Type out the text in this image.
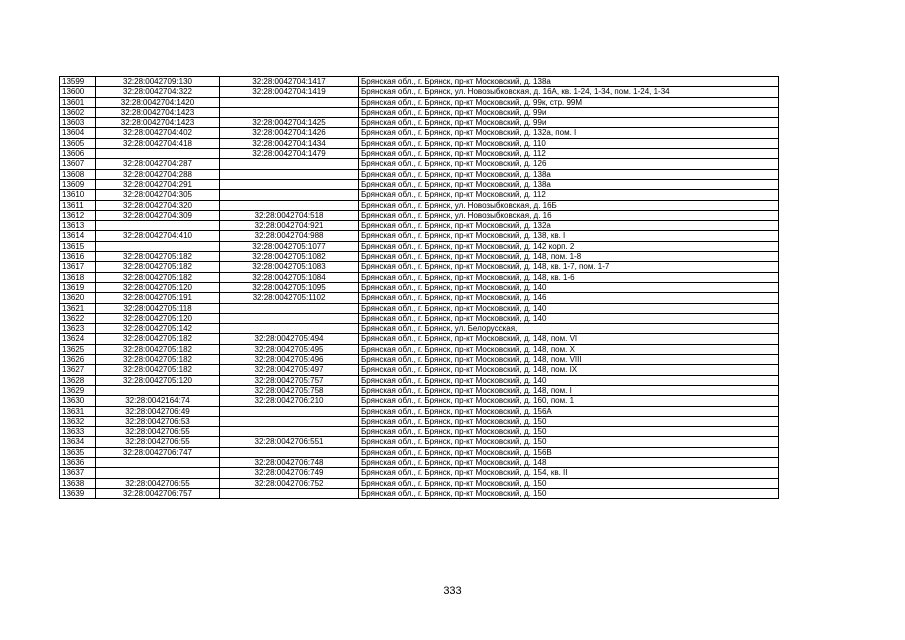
13599	32:28:0042709:130	32:28:0042704:1417	Брянская обл., г. Брянск, пр-кт Московский, д. 138а
13600	32:28:0042704:322	32:28:0042704:1419	Брянская обл., г. Брянск, ул. Новозыбковская, д. 16А, кв. 1-24, 1-34, пом. 1-24, 1-34
13601	32:28:0042704:1420		Брянская обл., г. Брянск, пр-кт Московский, д. 99к, стр. 99М
13602	32:28:0042704:1423		Брянская обл., г. Брянск, пр-кт Московский, д. 99и
13603	32:28:0042704:1423	32:28:0042704:1425	Брянская обл., г. Брянск, пр-кт Московский, д. 99и
13604	32:28:0042704:402	32:28:0042704:1426	Брянская обл., г. Брянск, пр-кт Московский, д. 132а, пом. I
13605	32:28:0042704:418	32:28:0042704:1434	Брянская обл., г. Брянск, пр-кт Московский, д. 110
13606		32:28:0042704:1479	Брянская обл., г. Брянск, пр-кт Московский, д. 112
13607	32:28:0042704:287		Брянская обл., г. Брянск, пр-кт Московский, д. 126
13608	32:28:0042704:288		Брянская обл., г. Брянск, пр-кт Московский, д. 138а
13609	32:28:0042704:291		Брянская обл., г. Брянск, пр-кт Московский, д. 138а
13610	32:28:0042704:305		Брянская обл., г. Брянск, пр-кт Московский, д. 112
13611	32:28:0042704:320		Брянская обл., г. Брянск, ул. Новозыбковская, д. 16Б
13612	32:28:0042704:309	32:28:0042704:518	Брянская обл., г. Брянск, ул. Новозыбковская, д. 16
13613		32:28:0042704:921	Брянская обл., г. Брянск, пр-кт Московский, д. 132а
13614	32:28:0042704:410	32:28:0042704:988	Брянская обл., г. Брянск, пр-кт Московский, д. 138, кв. I
13615		32:28:0042705:1077	Брянская обл., г. Брянск, пр-кт Московский, д. 142 корп. 2
13616	32:28:0042705:182	32:28:0042705:1082	Брянская обл., г. Брянск, пр-кт Московский, д. 148, пом. 1-8
13617	32:28:0042705:182	32:28:0042705:1083	Брянская обл., г. Брянск, пр-кт Московский, д. 148, кв. 1-7, пом. 1-7
13618	32:28:0042705:182	32:28:0042705:1084	Брянская обл., г. Брянск, пр-кт Московский, д. 148, кв. 1-6
13619	32:28:0042705:120	32:28:0042705:1095	Брянская обл., г. Брянск, пр-кт Московский, д. 140
13620	32:28:0042705:191	32:28:0042705:1102	Брянская обл., г. Брянск, пр-кт Московский, д. 146
13621	32:28:0042705:118		Брянская обл., г. Брянск, пр-кт Московский, д. 140
13622	32:28:0042705:120		Брянская обл., г. Брянск, пр-кт Московский, д. 140
13623	32:28:0042705:142		Брянская обл., г. Брянск, ул. Белорусская,
13624	32:28:0042705:182	32:28:0042705:494	Брянская обл., г. Брянск, пр-кт Московский, д. 148, пом. VI
13625	32:28:0042705:182	32:28:0042705:495	Брянская обл., г. Брянск, пр-кт Московский, д. 148, пом. X
13626	32:28:0042705:182	32:28:0042705:496	Брянская обл., г. Брянск, пр-кт Московский, д. 148, пом. VIII
13627	32:28:0042705:182	32:28:0042705:497	Брянская обл., г. Брянск, пр-кт Московский, д. 148, пом. IX
13628	32:28:0042705:120	32:28:0042705:757	Брянская обл., г. Брянск, пр-кт Московский, д. 140
13629		32:28:0042705:758	Брянская обл., г. Брянск, пр-кт Московский, д. 148, пом. I
13630	32:28:0042164:74	32:28:0042706:210	Брянская обл., г. Брянск, пр-кт Московский, д. 160, пом. 1
13631	32:28:0042706:49		Брянская обл., г. Брянск, пр-кт Московский, д. 156А
13632	32:28:0042706:53		Брянская обл., г. Брянск, пр-кт Московский, д. 150
13633	32:28:0042706:55		Брянская обл., г. Брянск, пр-кт Московский, д. 150
13634	32:28:0042706:55	32:28:0042706:551	Брянская обл., г. Брянск, пр-кт Московский, д. 150
13635	32:28:0042706:747		Брянская обл., г. Брянск, пр-кт Московский, д. 156В
13636		32:28:0042706:748	Брянская обл., г. Брянск, пр-кт Московский, д. 148
13637		32:28:0042706:749	Брянская обл., г. Брянск, пр-кт Московский, д. 154, кв. II
13638	32:28:0042706:55	32:28:0042706:752	Брянская обл., г. Брянск, пр-кт Московский, д. 150
13639	32:28:0042706:757		Брянская обл., г. Брянск, пр-кт Московский, д. 150
333
